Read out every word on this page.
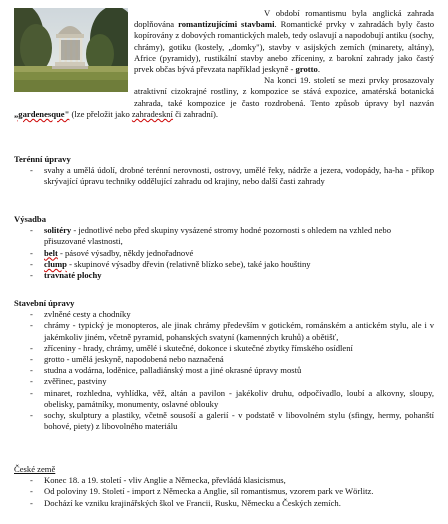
V období romantismu byla anglická zahrada doplňována romantizujícími stavbami. Romantické prvky v zahradách byly často kopírovány z dobových romantických maleb, tedy oslavují a napodobují antiku (sochy, chrámy), gotiku (kostely, „domky"), stavby v asijských zemích (minarety, altány), Africe (pyramidy), rustikální stavby anebo zříceniny, z barokní zahrady jako častý prvek občas bývá převzata například jeskyně - grotto.

Na konci 19. století se mezi prvky prosazovaly atraktivní cizokrajné rostliny, z kompozice se stává expozice, amatérská botanická zahrada, také kompozice je často rozdrobená. Tento způsob úpravy byl nazván „gardenesque" (lze přeložit jako zahradeskní či zahradní).

Terénní úpravy

- svahy a umělá údolí, drobné terénní nerovnosti, ostrovy, umělé řeky, nádrže a jezera, vodopády, ha-ha - příkop skrývající úpravu techniky oddělující zahradu od krajiny, nebo další časti zahrady

Výsadba

- solitéry - jednotlivé nebo před skupiny vysázené stromy hodné pozornosti s ohledem na vzhled nebo přisuzované vlastnosti,
- belt - pásové výsadby, někdy jednořadnové
- clump - skupinové výsadby dřevin (relativně blízko sebe), také jako houštiny
- travnaté plochy

Stavební úpravy

- zvlněné cesty a chodníky
- chrámy - typický je monopteros, ale jinak chrámy především v gotickém, románském a antickém stylu, ale i v jakémkoliv jiném, včetně pyramid, pohanských svatyní (kamenných kruhů) a obětišť,
- zříceniny - hrady, chrámy, umělé i skutečné, dokonce i skutečné zbytky římského osídlení
- grotto - umělá jeskyně, napodobená nebo naznačená
- studna a vodárna, loděnice, palladiánský most a jiné okrasné úpravy mostů
- zvěřinec, pastviny
- minaret, rozhledna, vyhlídka, věž, altán a pavilon - jakékoliv druhu, odpočívadlo, loubí a alkovny, sloupy, obelisky, památníky, monumenty, oslavné oblouky
- sochy, skulptury a plastiky, včetně sousoší a galerií - v podstatě v libovolném stylu (sfingy, hermy, pohanští bohové, piety) z libovolného materiálu

České země

- Konec 18. a 19. století - vliv Anglie a Německa, převládá klasicismus,
- Od poloviny 19. Století - import z Německa a Anglie, síl romantismus, vzorem park ve Wörlitz.
- Dochází ke vzniku krajinářských škol ve Francii, Rusku, Německu a Českých zemích.
